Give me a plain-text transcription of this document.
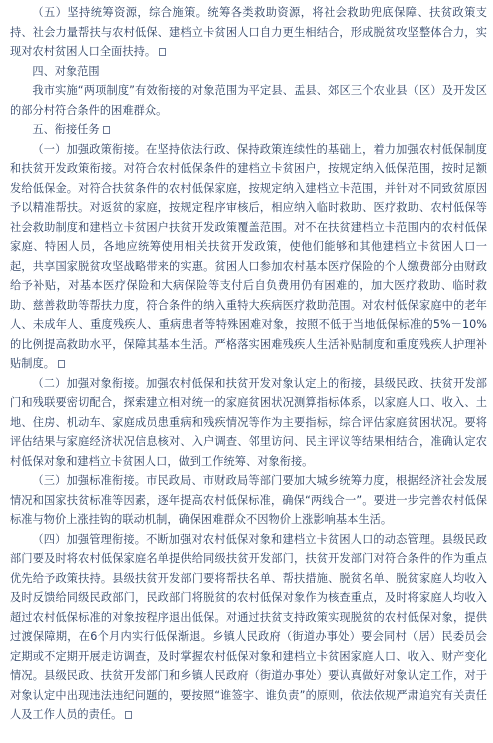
（五）坚持统筹资源，综合施策。统筹各类救助资源，将社会救助兜底保障、扶贫政策支持、社会力量帮扶与农村低保、建档立卡贫困人口自力更生相结合，形成脱贫攻坚整体合力，实现对农村贫困人口全面扶持。

四、对象范围

我市实施“两项制度”有效衔接的对象范围为平定县、盂县、郊区三个农业县（区）及开发区的部分村符合条件的困难群众。

五、衔接任务

（一）加强政策衔接。在坚持依法行政、保持政策连续性的基础上，着力加强农村低保制度和扶贫开发政策衔接。对符合农村低保条件的建档立卡贫困户，按规定纳入低保范围，按时足额发给低保金。对符合扶贫条件的农村低保家庭，按规定纳入建档立卡范围，并针对不同致贫原因予以精准帮扶。对返贫的家庭，按规定程序审核后，相应纳入临时救助、医疗救助、农村低保等社会救助制度和建档立卡贫困户扶贫开发政策覆盖范围。对不在扶贫建档立卡范围内的农村低保家庭、特困人员，各地应统筹使用相关扶贫开发政策，使他们能够和其他建档立卡贫困人口一起，共享国家脱贫攻坚战略带来的实惠。贫困人口参加农村基本医疗保险的个人缴费部分由财政给予补贴，对基本医疗保险和大病保险等支付后自负费用仍有困难的，加大医疗救助、临时救助、慈善救助等帮扶力度，符合条件的纳入重特大疾病医疗救助范围。对农村低保家庭中的老年人、未成年人、重度残疾人、重病患者等特殊困难对象，按照不低于当地低保标准的5%－10%的比例提高救助水平，保障其基本生活。严格落实困难残疾人生活补贴制度和重度残疾人护理补贴制度。

（二）加强对象衔接。加强农村低保和扶贫开发对象认定上的衔接，县级民政、扶贫开发部门和残联要密切配合，探索建立相对统一的家庭贫困状况测算指标体系，以家庭人口、收入、土地、住房、机动车、家庭成员患重病和残疾情况等作为主要指标，综合评估家庭贫困状况。要将评估结果与家庭经济状况信息核对、入户调查、邻里访问、民主评议等结果相结合，准确认定农村低保对象和建档立卡贫困人口，做到工作统筹、对象衔接。

（三）加强标准衔接。市民政局、市财政局等部门要加大城乡统筹力度，根据经济社会发展情况和国家扶贫标准等因素，逐年提高农村低保标准，确保“两线合一”。要进一步完善农村低保标准与物价上涨挂钩的联动机制，确保困难群众不因物价上涨影响基本生活。

（四）加强管理衔接。不断加强对农村低保对象和建档立卡贫困人口的动态管理。县级民政部门要及时将农村低保家庭名单提供给同级扶贫开发部门，扶贫开发部门对符合条件的作为重点优先给予政策扶持。县级扶贫开发部门要将帮扶名单、帮扶措施、脱贫名单、脱贫家庭人均收入及时反馈给同级民政部门，民政部门将脱贫的农村低保对象作为核查重点，及时将家庭人均收入超过农村低保标准的对象按程序退出低保。对通过扶贫支持政策实现脱贫的农村低保对象，提供过渡保障期，在6个月内实行低保渐退。乡镇人民政府（街道办事处）要会同村（居）民委员会定期或不定期开展走访调查，及时掌握农村低保对象和建档立卡贫困家庭人口、收入、财产变化情况。县级民政、扶贫开发部门和乡镇人民政府（街道办事处）要认真做好对象认定工作，对于对象认定中出现违法违纪问题的，要按照“谁签字、谁负责”的原则，依法依规严肃追究有关责任人及工作人员的责任。
